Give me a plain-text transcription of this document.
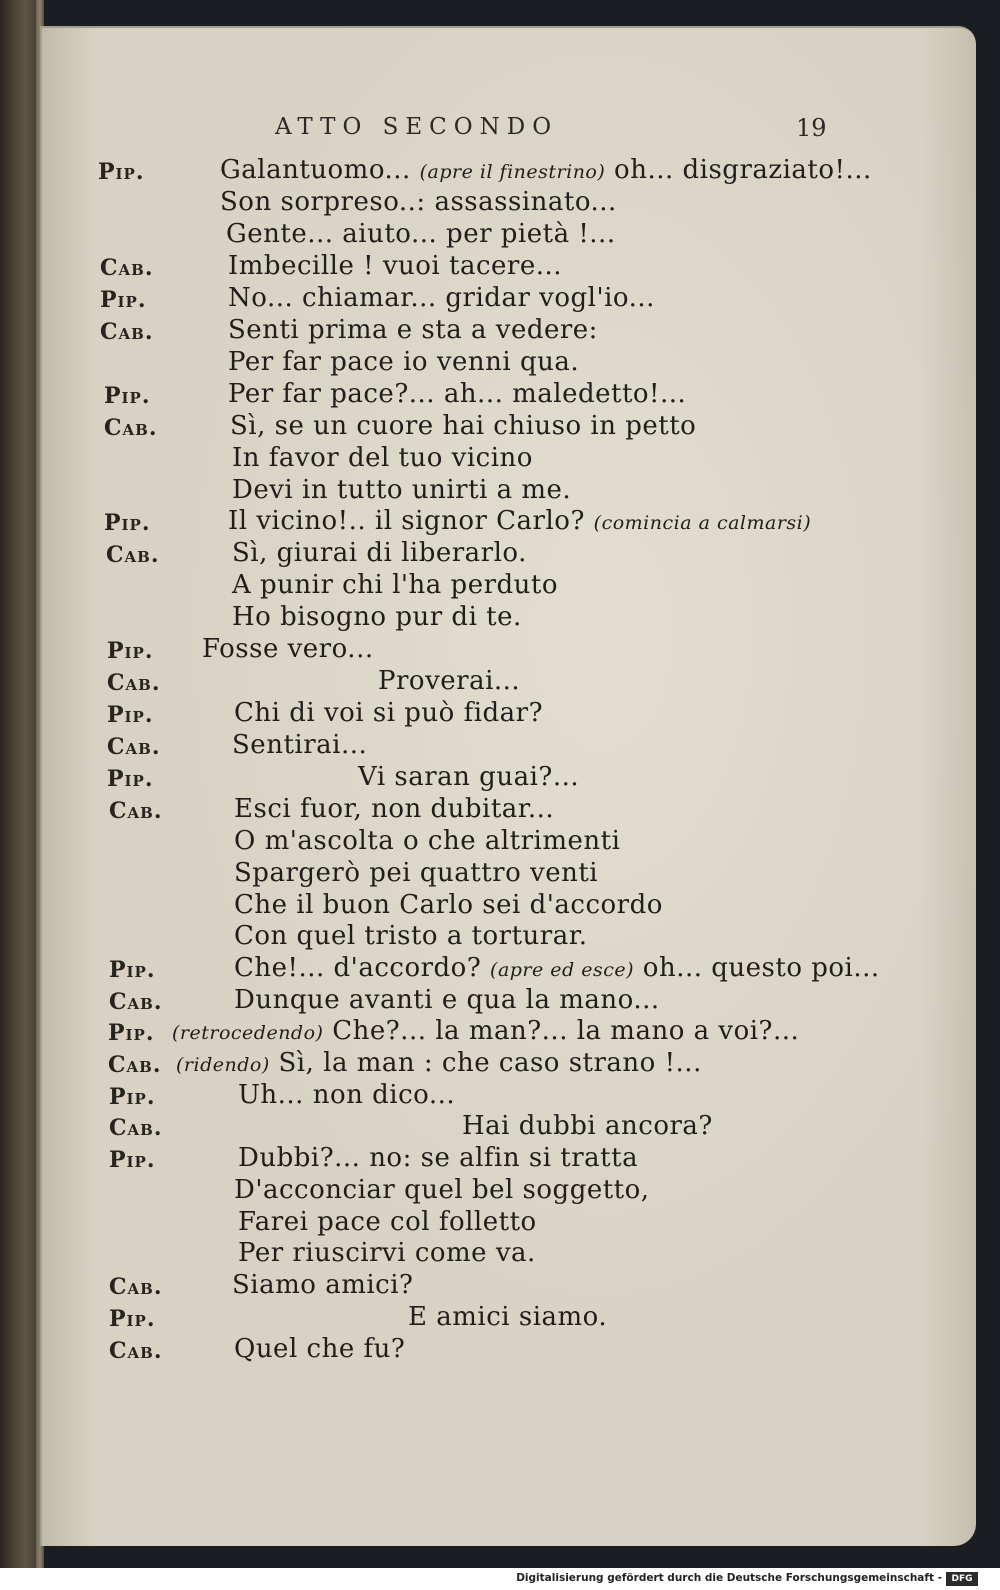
ATTO SECONDO	19
Pip.	Galantuomo... (apre il finestrino) oh... disgraziato!...
Son sorpreso..: assassinato...
Gente... aiuto... per pietà !...
Cab.	Imbecille ! vuoi tacere...
Pip.	No... chiamar... gridar vogl'io...
Cab.	Senti prima e sta a vedere:
Per far pace io venni qua.
Pip.	Per far pace?... ah... maledetto!...
Cab.	Sì, se un cuore hai chiuso in petto
In favor del tuo vicino
Devi in tutto unirti a me.
Pip.	Il vicino!.. il signor Carlo? (comincia a calmarsi)
Cab.	Sì, giurai di liberarlo.
A punir chi l'ha perduto
Ho bisogno pur di te.
Pip. Fosse vero...
Cab.	Proverai...
Pip.	Chi di voi si può fidar?
Cab.	Sentirai...
Pip.	Vi saran guai?...
Cab.	Esci fuor, non dubitar...
O m'ascolta o che altrimenti
Spargerò pei quattro venti
Che il buon Carlo sei d'accordo
Con quel tristo a torturar.
Pip.	Che!... d'accordo? (apre ed esce) oh... questo poi...
Cab.	Dunque avanti e qua la mano...
Pip. (retrocedendo) Che?... la man?... la mano a voi?...
Cab. (ridendo) Sì, la man : che caso strano !...
Pip.	Uh... non dico...
Cab.	Hai dubbi ancora?
Pip.	Dubbi?... no: se alfin si tratta
D'acconciar quel bel soggetto,
Farei pace col folletto
Per riuscirvi come va.
Cab.	Siamo amici?
Pip.	E amici siamo.
Cab.	Quel che fu?
Digitalisierung gefördert durch die Deutsche Forschungsgemeinschaft -	DFG
